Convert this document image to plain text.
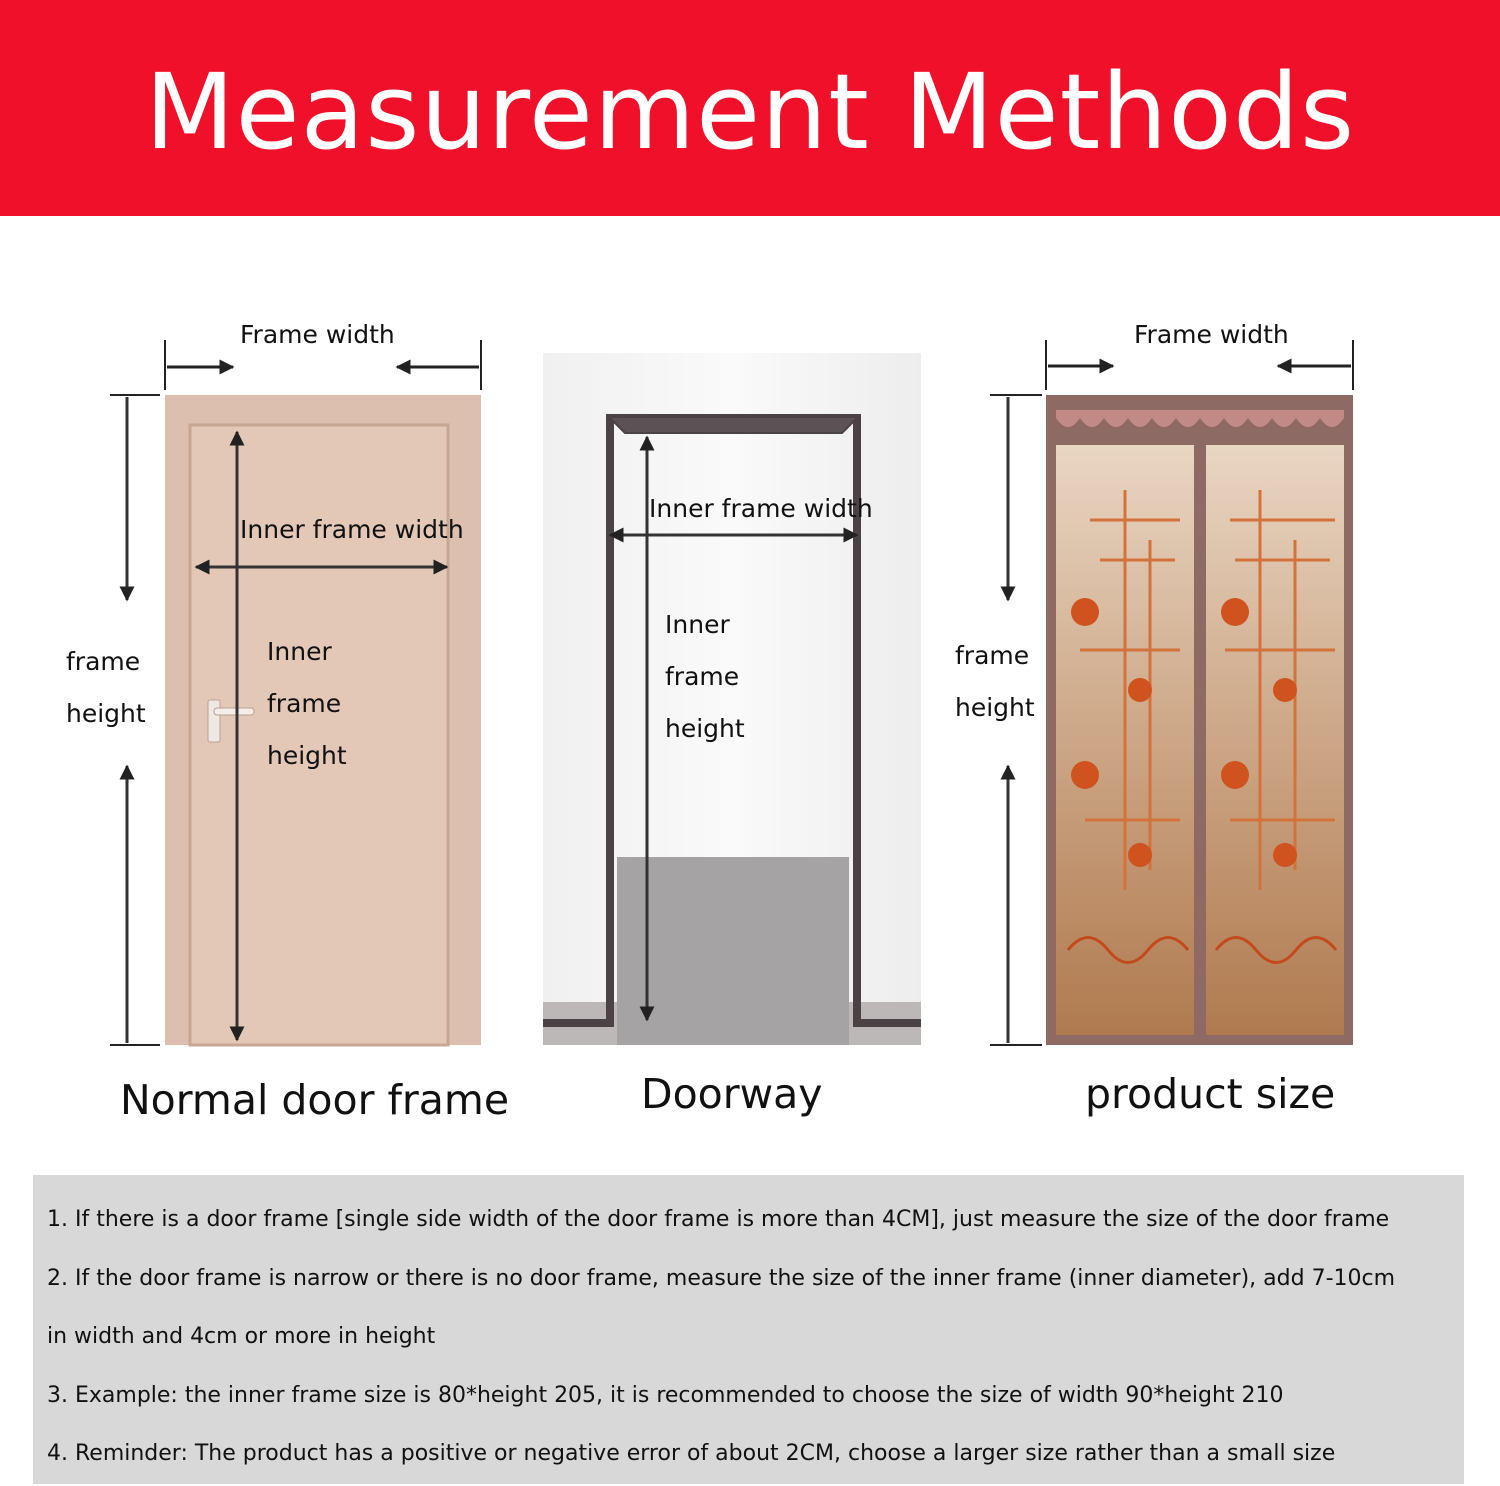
Measurement Methods
Frame width
Inner frame width
frame
height
Inner
frame
height
Normal door frame
Inner frame width
Inner
frame
height
Doorway
Frame width
frame
height
product size
1. If there is a door frame [single side width of the door frame is more than 4CM], just measure the size of the door frame
2. If the door frame is narrow or there is no door frame, measure the size of the inner frame (inner diameter), add 7-10cm
in width and 4cm or more in height
3. Example: the inner frame size is 80*height 205, it is recommended to choose the size of width 90*height 210
4. Reminder: The product has a positive or negative error of about 2CM, choose a larger size rather than a small size
